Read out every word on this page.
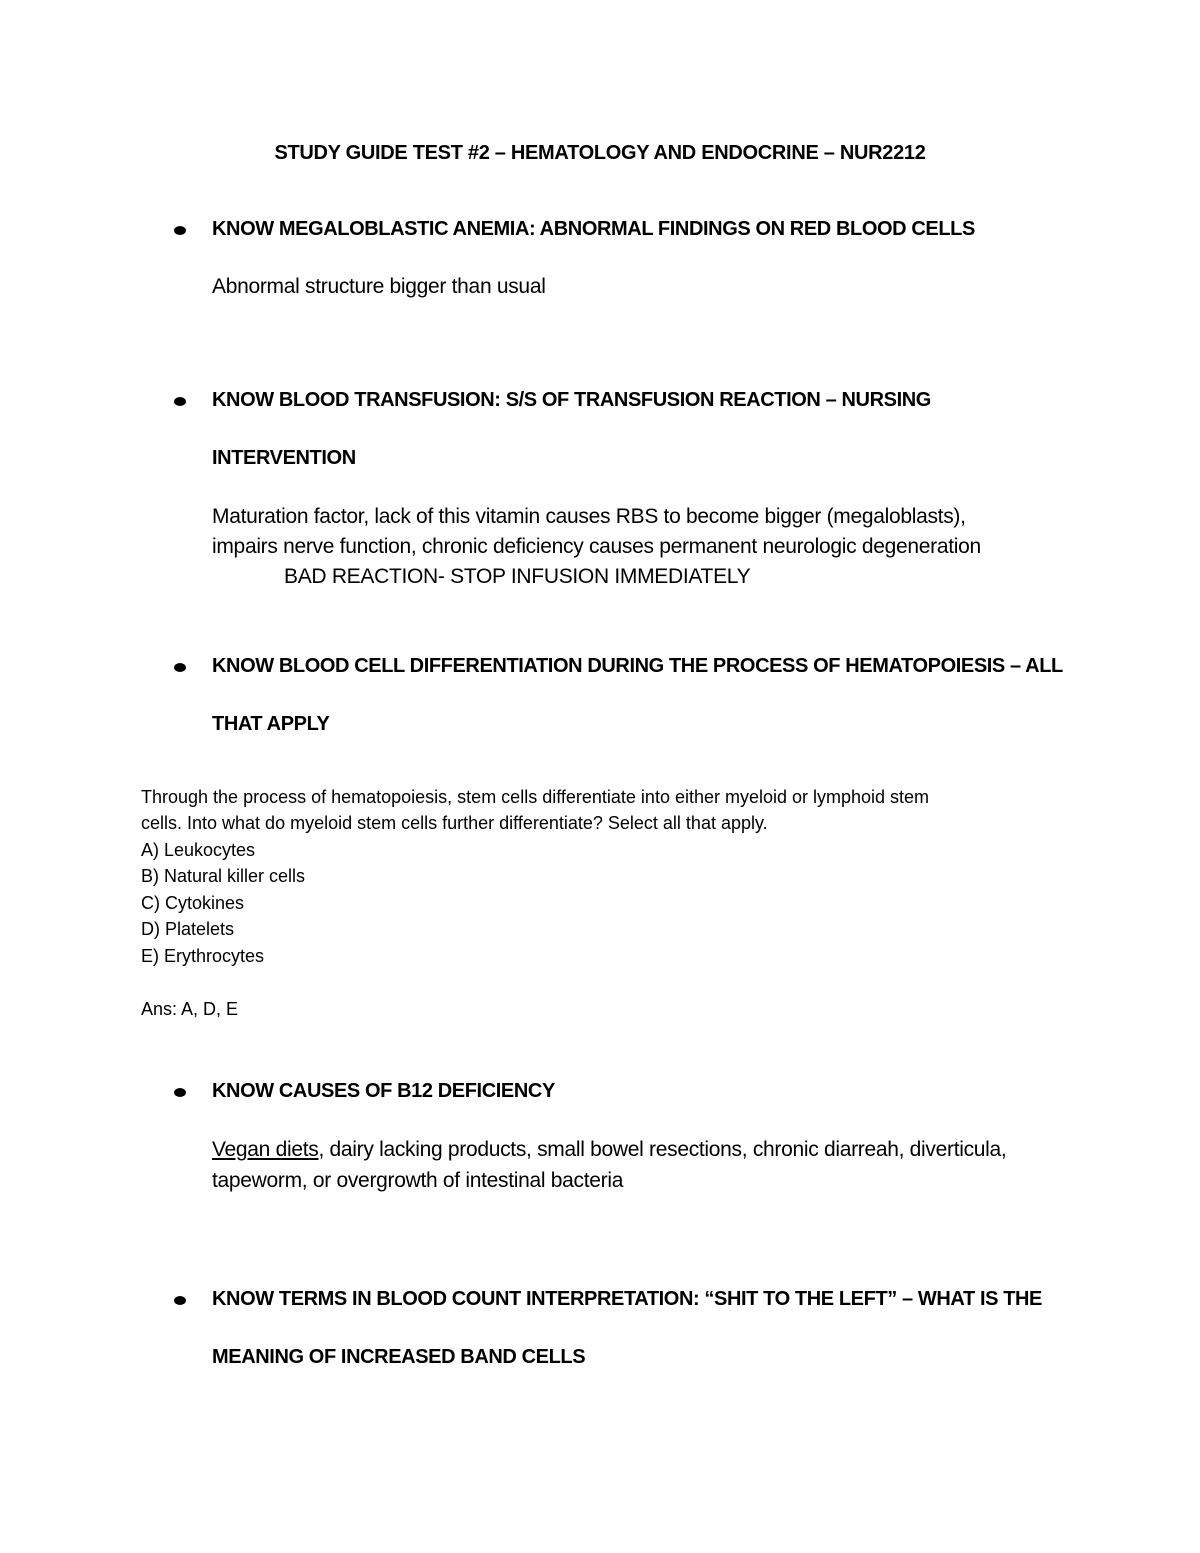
STUDY GUIDE TEST #2 – HEMATOLOGY AND ENDOCRINE – NUR2212
KNOW MEGALOBLASTIC ANEMIA: ABNORMAL FINDINGS ON RED BLOOD CELLS
Abnormal structure bigger than usual
KNOW BLOOD TRANSFUSION: S/S OF TRANSFUSION REACTION – NURSING
INTERVENTION
Maturation factor, lack of this vitamin causes RBS to become bigger (megaloblasts),
impairs nerve function, chronic deficiency causes permanent neurologic degeneration
BAD REACTION- STOP INFUSION IMMEDIATELY
KNOW BLOOD CELL DIFFERENTIATION DURING THE PROCESS OF HEMATOPOIESIS – ALL
THAT APPLY
Through the process of hematopoiesis, stem cells differentiate into either myeloid or lymphoid stem
cells. Into what do myeloid stem cells further differentiate? Select all that apply.
A) Leukocytes
B) Natural killer cells
C) Cytokines
D) Platelets
E) Erythrocytes
Ans: A, D, E
KNOW CAUSES OF B12 DEFICIENCY
Vegan diets, dairy lacking products, small bowel resections, chronic diarreah, diverticula,
tapeworm, or overgrowth of intestinal bacteria
KNOW TERMS IN BLOOD COUNT INTERPRETATION: “SHIT TO THE LEFT” – WHAT IS THE
MEANING OF INCREASED BAND CELLS
